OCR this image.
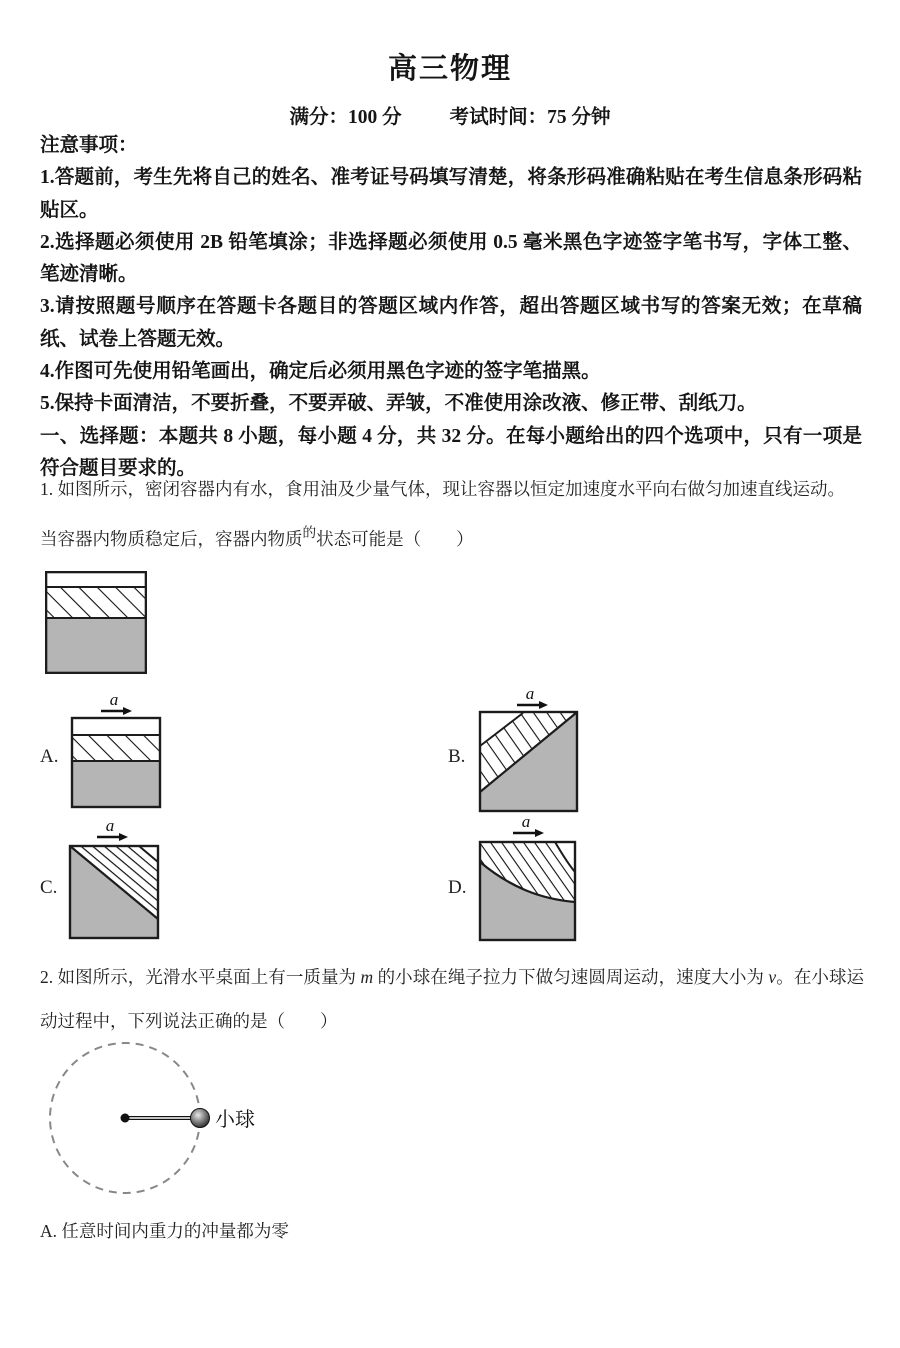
高三物理
满分：100 分 考试时间：75 分钟

注意事项：

1.答题前，考生先将自己的姓名、准考证号码填写清楚，将条形码准确粘贴在考生信息条形码粘贴区。

2.选择题必须使用 2B 铅笔填涂；非选择题必须使用 0.5 毫米黑色字迹签字笔书写，字体工整、笔迹清晰。

3.请按照题号顺序在答题卡各题目的答题区域内作答，超出答题区域书写的答案无效；在草稿纸、试卷上答题无效。

4.作图可先使用铅笔画出，确定后必须用黑色字迹的签字笔描黑。

5.保持卡面清洁，不要折叠，不要弄破、弄皱，不准使用涂改液、修正带、刮纸刀。

一、选择题：本题共 8 小题，每小题 4 分，共 32 分。在每小题给出的四个选项中，只有一项是符合题目要求的。

1. 如图所示，密闭容器内有水，食用油及少量气体，现让容器以恒定加速度水平向右做匀加速直线运动。
当容器内物质稳定后，容器内物质$^的$状态可能是（　　）
A.	B.
C.	D.
a	a
a	a
2. 如图所示，光滑水平桌面上有一质量为 m 的小球在绳子拉力下做匀速圆周运动，速度大小为 v。在小球运动过程中，下列说法正确的是（　　）
小球
A. 任意时间内重力的冲量都为零
